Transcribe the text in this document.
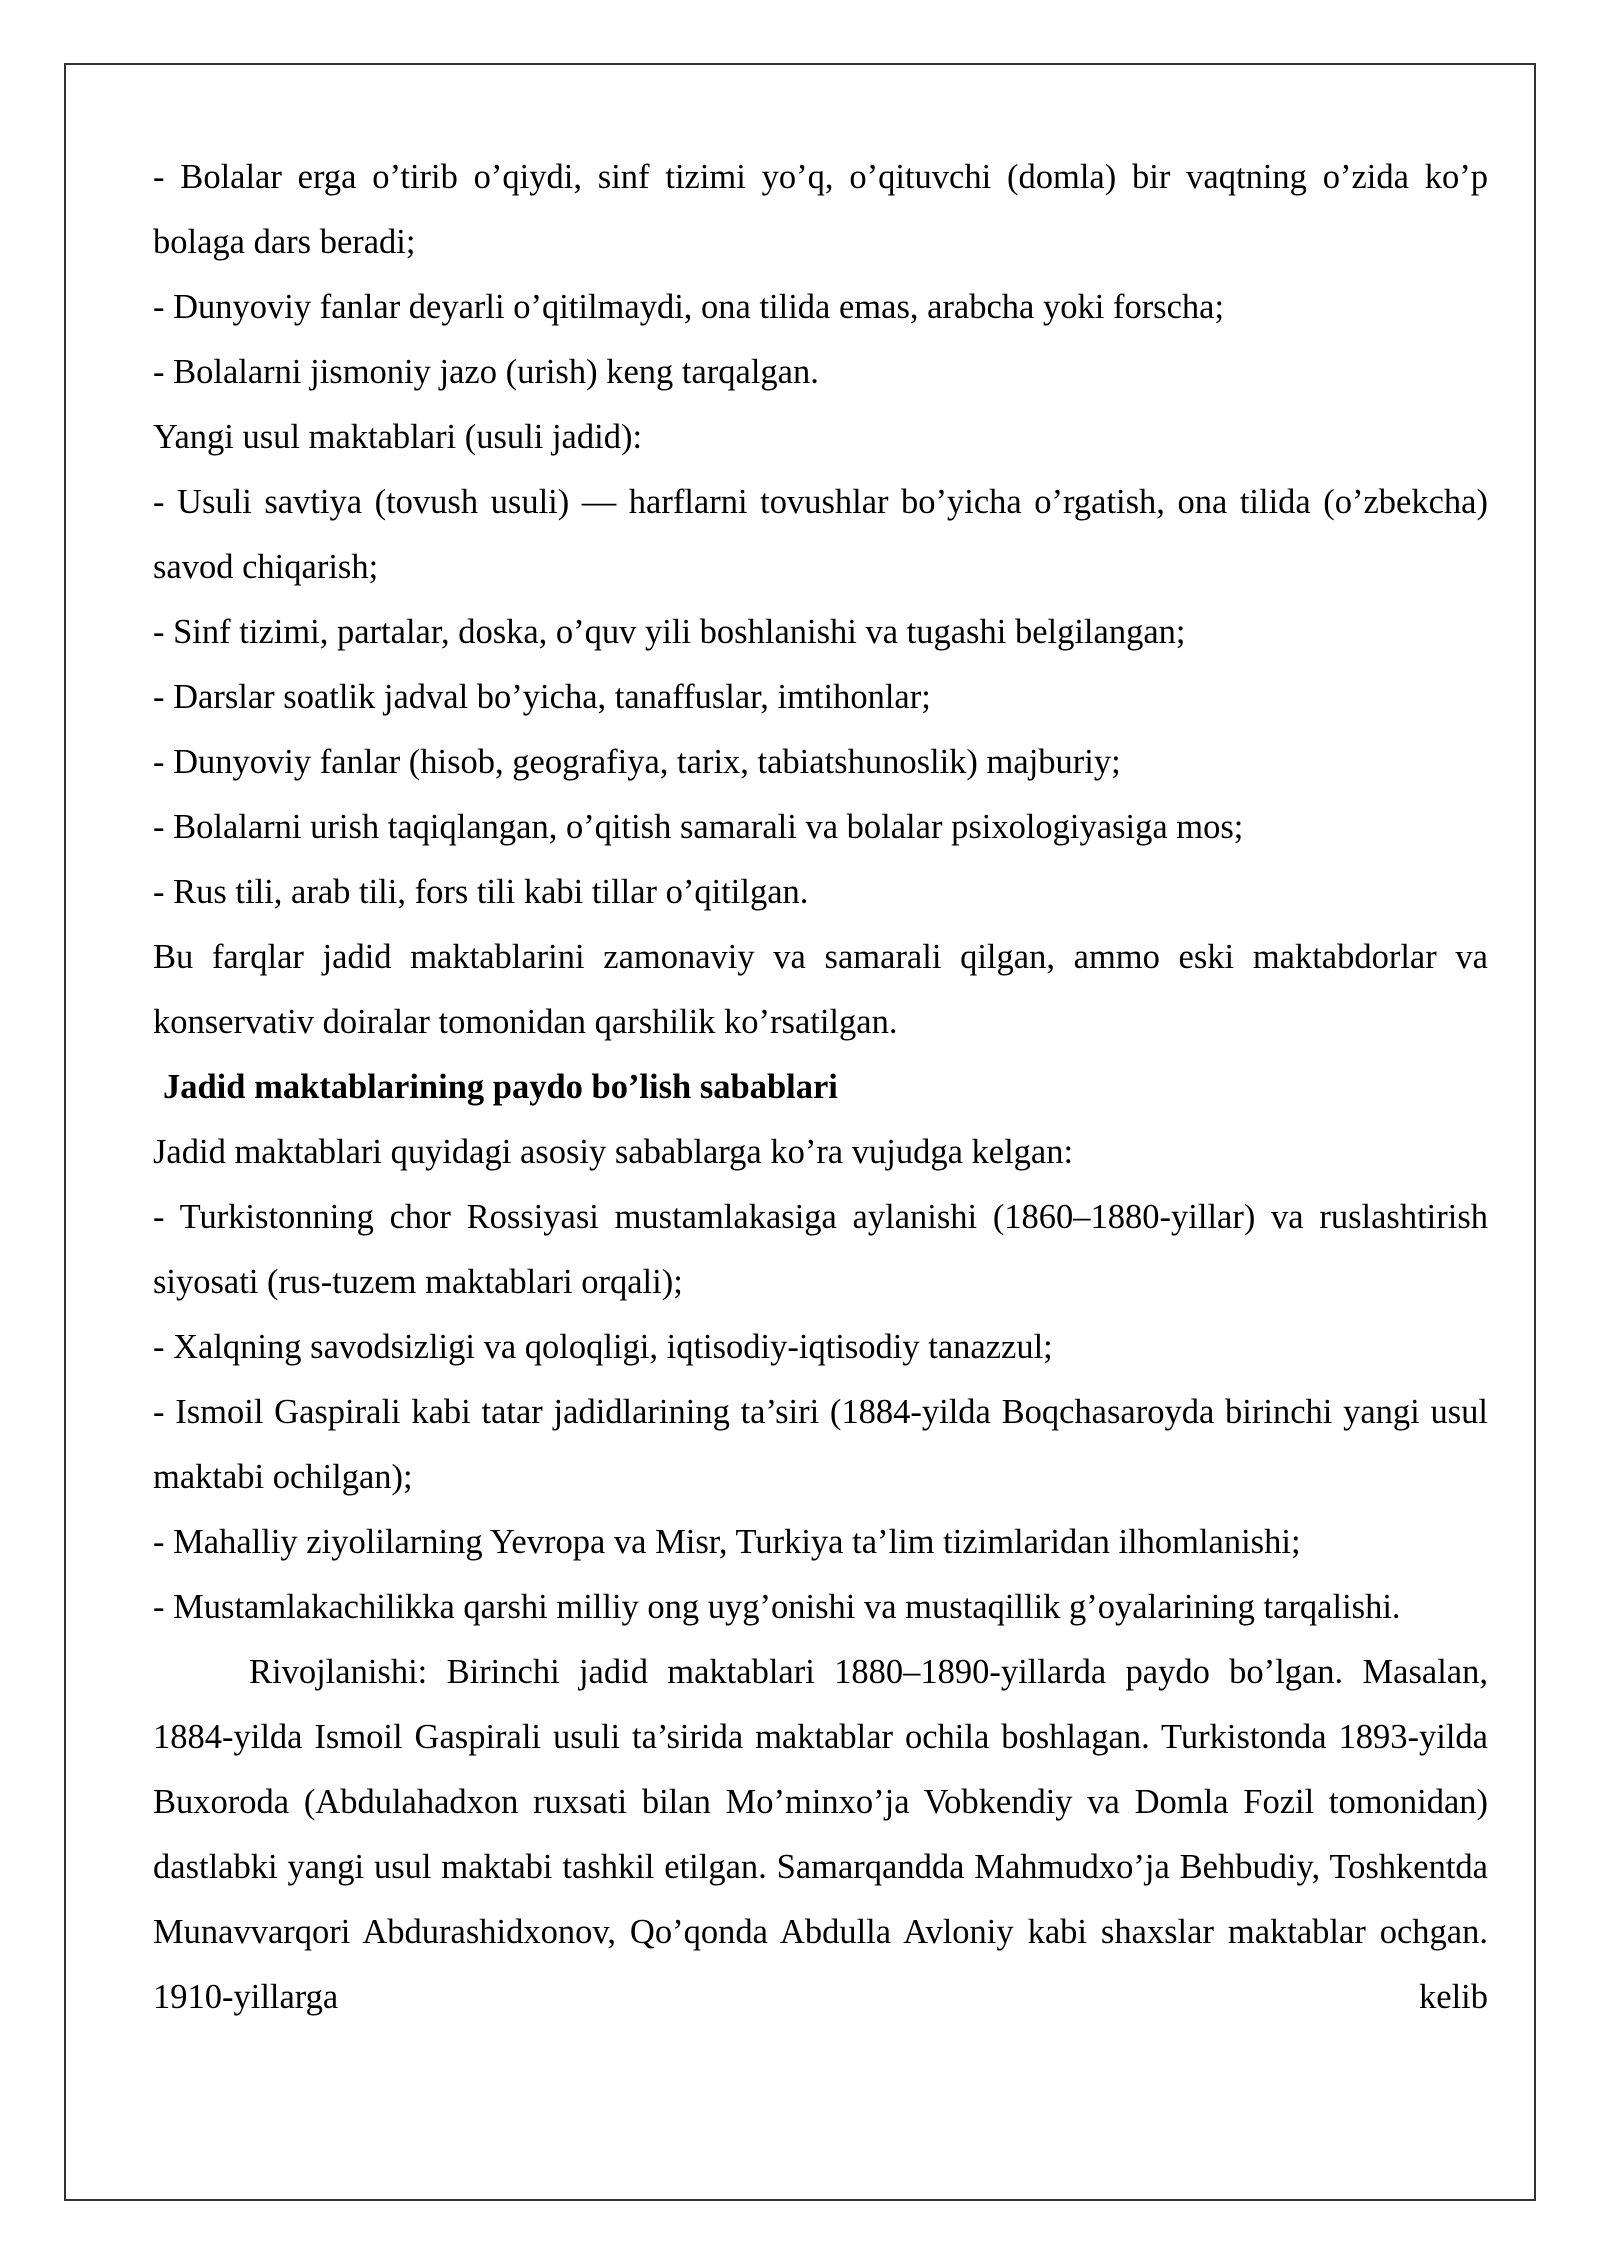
- Bolalar erga o’tirib o’qiydi, sinf tizimi yo’q, o’qituvchi (domla) bir vaqtning o’zida ko’p bolaga dars beradi;

- Dunyoviy fanlar deyarli o’qitilmaydi, ona tilida emas, arabcha yoki forscha;

- Bolalarni jismoniy jazo (urish) keng tarqalgan.

Yangi usul maktablari (usuli jadid):

- Usuli savtiya (tovush usuli) — harflarni tovushlar bo’yicha o’rgatish, ona tilida (o’zbekcha) savod chiqarish;

- Sinf tizimi, partalar, doska, o’quv yili boshlanishi va tugashi belgilangan;

- Darslar soatlik jadval bo’yicha, tanaffuslar, imtihonlar;

- Dunyoviy fanlar (hisob, geografiya, tarix, tabiatshunoslik) majburiy;

- Bolalarni urish taqiqlangan, o’qitish samarali va bolalar psixologiyasiga mos;

- Rus tili, arab tili, fors tili kabi tillar o’qitilgan.

Bu farqlar jadid maktablarini zamonaviy va samarali qilgan, ammo eski maktabdorlar va konservativ doiralar tomonidan qarshilik ko’rsatilgan.

Jadid maktablarining paydo bo’lish sabablari

Jadid maktablari quyidagi asosiy sabablarga ko’ra vujudga kelgan:

- Turkistonning chor Rossiyasi mustamlakasiga aylanishi (1860–1880-yillar) va ruslashtirish siyosati (rus-tuzem maktablari orqali);

- Xalqning savodsizligi va qoloqligi, iqtisodiy-iqtisodiy tanazzul;

- Ismoil Gaspirali kabi tatar jadidlarining ta’siri (1884-yilda Boqchasaroyda birinchi yangi usul maktabi ochilgan);

- Mahalliy ziyolilarning Yevropa va Misr, Turkiya ta’lim tizimlaridan ilhomlanishi;

- Mustamlakachilikka qarshi milliy ong uyg’onishi va mustaqillik g’oyalarining tarqalishi.

Rivojlanishi: Birinchi jadid maktablari 1880–1890-yillarda paydo bo’lgan. Masalan, 1884-yilda Ismoil Gaspirali usuli ta’sirida maktablar ochila boshlagan. Turkistonda 1893-yilda Buxoroda (Abdulahadxon ruxsati bilan Mo’minxo’ja Vobkendiy va Domla Fozil tomonidan) dastlabki yangi usul maktabi tashkil etilgan. Samarqandda Mahmudxo’ja Behbudiy, Toshkentda Munavvarqori Abdurashidxonov, Qo’qonda Abdulla Avloniy kabi shaxslar maktablar ochgan. 1910-yillarga kelib
